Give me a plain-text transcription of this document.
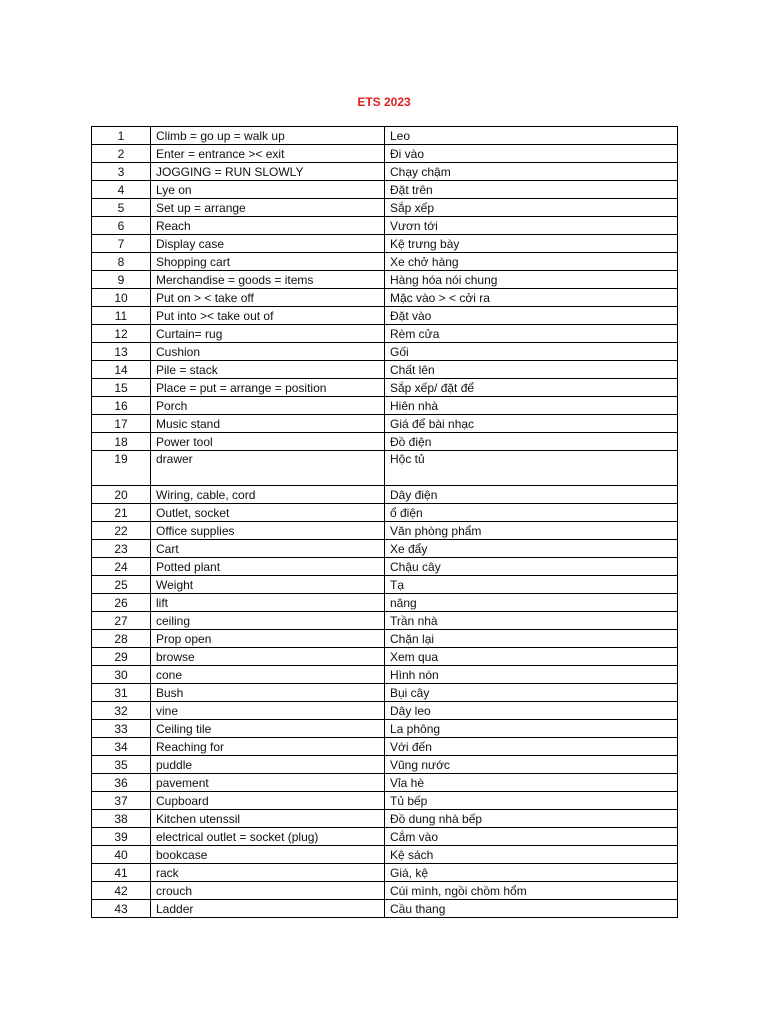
ETS 2023
1	Climb = go up = walk up	Leo
2	Enter = entrance >< exit	Đi vào
3	JOGGING = RUN SLOWLY	Chạy chậm
4	Lye on	Đặt trên
5	Set up = arrange	Sắp xếp
6	Reach	Vươn tới
7	Display case	Kệ trưng bày
8	Shopping cart	Xe chở hàng
9	Merchandise = goods = items	Hàng hóa nói chung
10	Put on > < take off	Mặc vào > < cởi ra
11	Put into >< take out of	Đặt vào
12	Curtain= rug	Rèm cửa
13	Cushion	Gối
14	Pile = stack	Chất lên
15	Place = put = arrange = position	Sắp xếp/ đặt để
16	Porch	Hiên nhà
17	Music stand	Giá để bài nhạc
18	Power tool	Đồ điện
19	drawer	Hộc tủ
20	Wiring, cable, cord	Dây điện
21	Outlet, socket	ổ điện
22	Office supplies	Văn phòng phẩm
23	Cart	Xe đẩy
24	Potted plant	Chậu cây
25	Weight	Tạ
26	lift	nâng
27	ceiling	Trần nhà
28	Prop open	Chặn lại
29	browse	Xem qua
30	cone	Hình nón
31	Bush	Bụi cây
32	vine	Dây leo
33	Ceiling tile	La phông
34	Reaching for	Với đến
35	puddle	Vũng nước
36	pavement	Vỉa hè
37	Cupboard	Tủ bếp
38	Kitchen utenssil	Đồ dung nhà bếp
39	electrical outlet = socket (plug)	Cắm vào
40	bookcase	Kệ sách
41	rack	Giá, kệ
42	crouch	Cúi mình, ngồi chồm hổm
43	Ladder	Cầu thang
